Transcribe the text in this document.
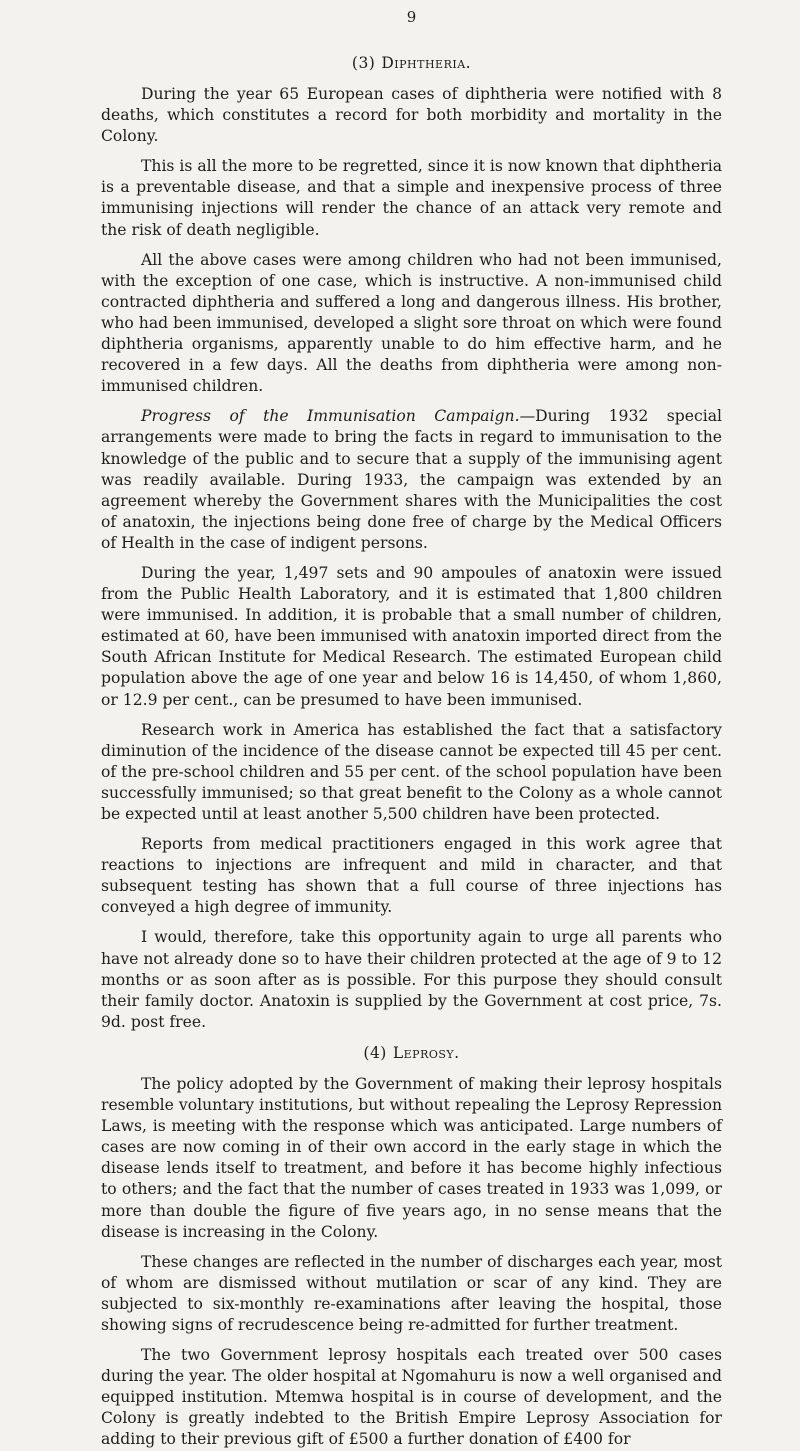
9
(3) Diphtheria.

During the year 65 European cases of diphtheria were notified with 8 deaths, which constitutes a record for both morbidity and mortality in the Colony.

This is all the more to be regretted, since it is now known that diphtheria is a preventable disease, and that a simple and inexpensive process of three immunising injections will render the chance of an attack very remote and the risk of death negligible.

All the above cases were among children who had not been immunised, with the exception of one case, which is instructive. A non-immunised child contracted diphtheria and suffered a long and dangerous illness. His brother, who had been immunised, developed a slight sore throat on which were found diphtheria organisms, apparently unable to do him effective harm, and he recovered in a few days. All the deaths from diphtheria were among non-immunised children.

Progress of the Immunisation Campaign.—During 1932 special arrangements were made to bring the facts in regard to immunisation to the knowledge of the public and to secure that a supply of the immunising agent was readily available. During 1933, the campaign was extended by an agreement whereby the Government shares with the Municipalities the cost of anatoxin, the injections being done free of charge by the Medical Officers of Health in the case of indigent persons.

During the year, 1,497 sets and 90 ampoules of anatoxin were issued from the Public Health Laboratory, and it is estimated that 1,800 children were immunised. In addition, it is probable that a small number of children, estimated at 60, have been immunised with anatoxin imported direct from the South African Institute for Medical Research. The estimated European child population above the age of one year and below 16 is 14,450, of whom 1,860, or 12.9 per cent., can be presumed to have been immunised.

Research work in America has established the fact that a satisfactory diminution of the incidence of the disease cannot be expected till 45 per cent. of the pre-school children and 55 per cent. of the school population have been successfully immunised; so that great benefit to the Colony as a whole cannot be expected until at least another 5,500 children have been protected.

Reports from medical practitioners engaged in this work agree that reactions to injections are infrequent and mild in character, and that subsequent testing has shown that a full course of three injections has conveyed a high degree of immunity.

I would, therefore, take this opportunity again to urge all parents who have not already done so to have their children protected at the age of 9 to 12 months or as soon after as is possible. For this purpose they should consult their family doctor. Anatoxin is supplied by the Government at cost price, 7s. 9d. post free.

(4) Leprosy.

The policy adopted by the Government of making their leprosy hospitals resemble voluntary institutions, but without repealing the Leprosy Repression Laws, is meeting with the response which was anticipated. Large numbers of cases are now coming in of their own accord in the early stage in which the disease lends itself to treatment, and before it has become highly infectious to others; and the fact that the number of cases treated in 1933 was 1,099, or more than double the figure of five years ago, in no sense means that the disease is increasing in the Colony.

These changes are reflected in the number of discharges each year, most of whom are dismissed without mutilation or scar of any kind. They are subjected to six-monthly re-examinations after leaving the hospital, those showing signs of recrudescence being re-admitted for further treatment.

The two Government leprosy hospitals each treated over 500 cases during the year. The older hospital at Ngomahuru is now a well organised and equipped institution. Mtemwa hospital is in course of development, and the Colony is greatly indebted to the British Empire Leprosy Association for adding to their previous gift of £500 a further donation of £400 for
